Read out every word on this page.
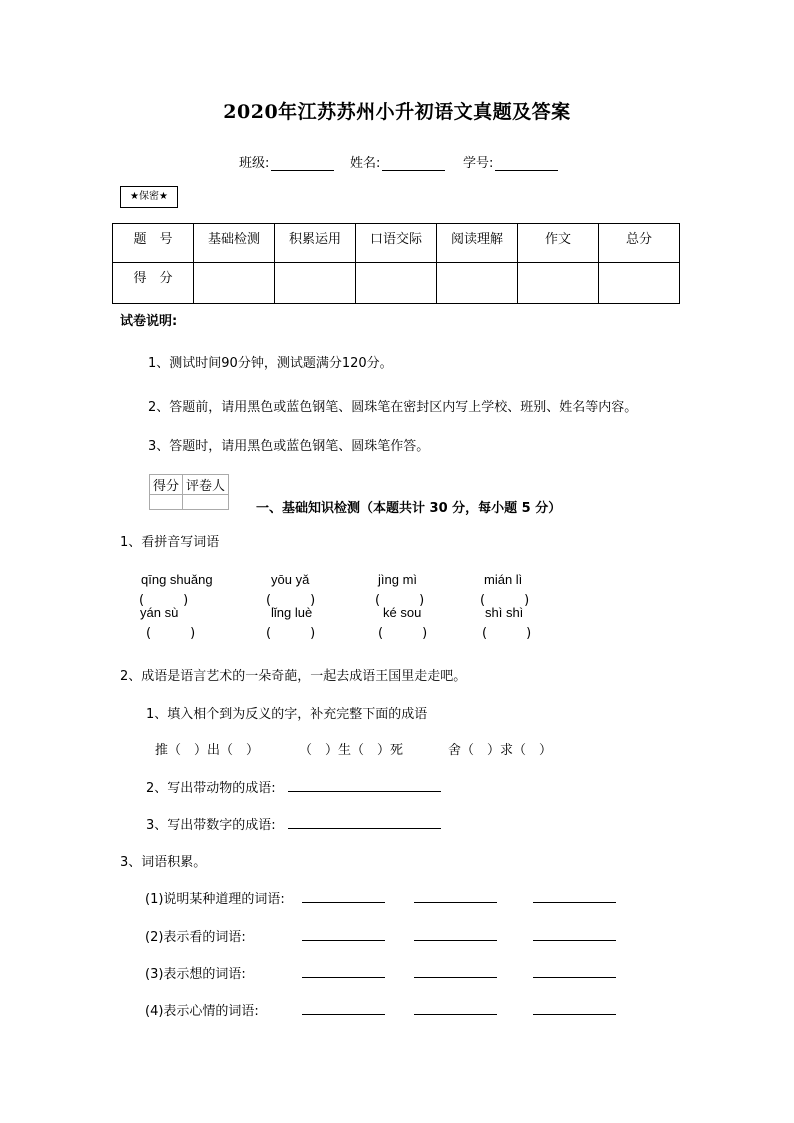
2020年江苏苏州小升初语文真题及答案
班级:	姓名:	学号:
★保密★
题　号	基础检测	积累运用	口语交际	阅读理解	作文	总分
得　分						
试卷说明:
1、测试时间90分钟，测试题满分120分。
2、答题前，请用黑色或蓝色钢笔、圆珠笔在密封区内写上学校、班别、姓名等内容。
3、答题时，请用黑色或蓝色钢笔、圆珠笔作答。
得分	评卷人

一、基础知识检测（本题共计 30 分，每小题 5 分）
1、看拼音写词语
qīng shuǎng	yōu yǎ	jìng mì	mián lì
(　　　)	(　　　)	(　　　)	(　　　)
yán sù	lǐng luè	ké sou	shì shì
(　　　)	(　　　)	(　　　)	(　　　)
2、成语是语言艺术的一朵奇葩，一起去成语王国里走走吧。
1、填入相个到为反义的字，补充完整下面的成语
推（　）出（　）	（　）生（　）死	舍（　）求（　）
2、写出带动物的成语:
3、写出带数字的成语:
3、词语积累。
(1)说明某种道理的词语:
(2)表示看的词语:
(3)表示想的词语:
(4)表示心情的词语:
